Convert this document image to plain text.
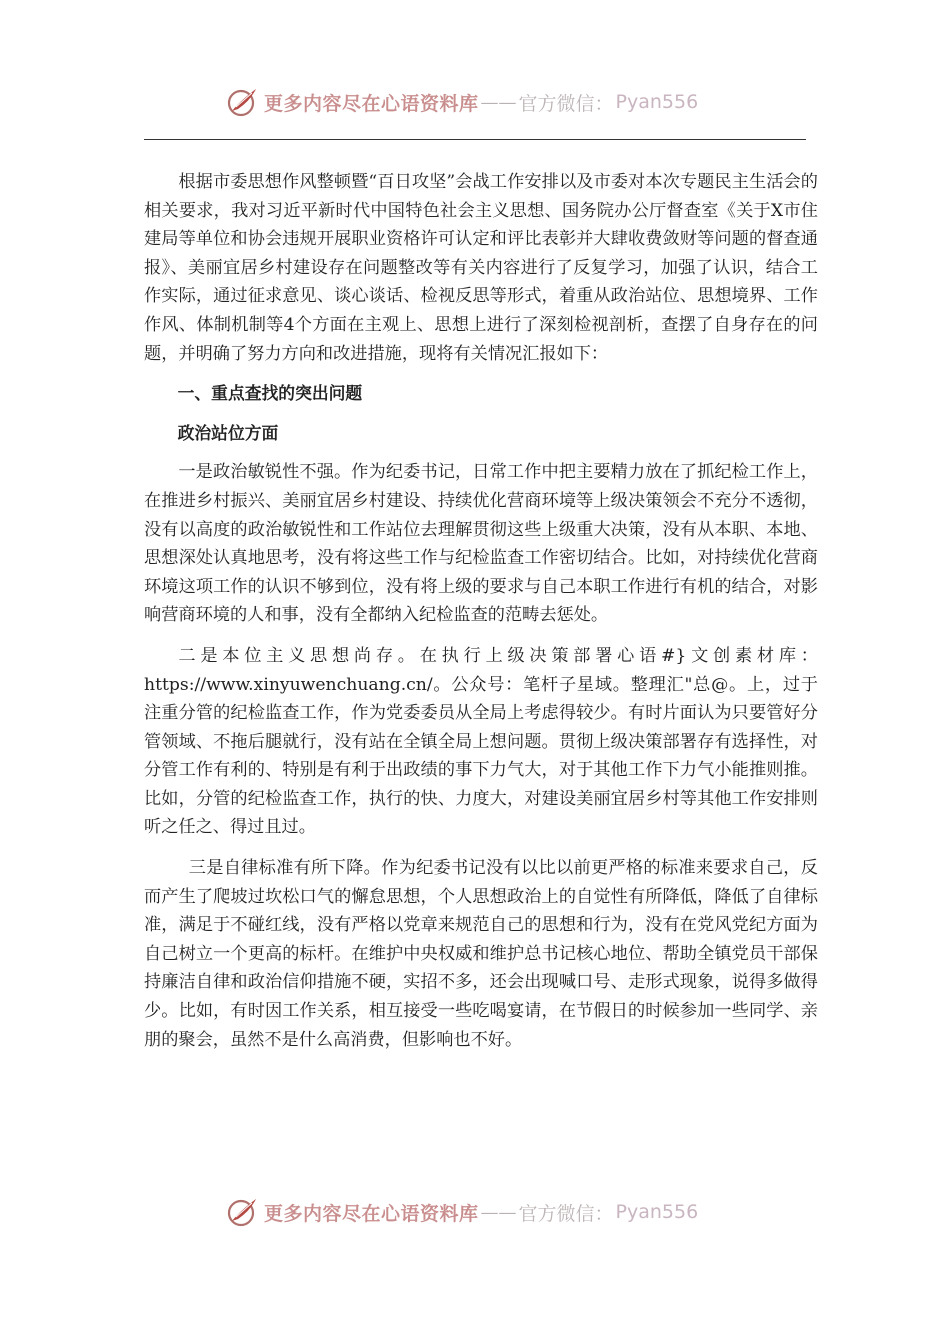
更多内容尽在心语资料库 —— 官方微信： Pyan556

根据市委思想作风整顿暨“百日攻坚”会战工作安排以及市委对本次专题民主生活会的相关要求，我对习近平新时代中国特色社会主义思想、国务院办公厅督查室《关于X市住建局等单位和协会违规开展职业资格许可认定和评比表彰并大肆收费敛财等问题的督查通报》、美丽宜居乡村建设存在问题整改等有关内容进行了反复学习，加强了认识，结合工作实际，通过征求意见、谈心谈话、检视反思等形式，着重从政治站位、思想境界、工作作风、体制机制等4个方面在主观上、思想上进行了深刻检视剖析，查摆了自身存在的问题，并明确了努力方向和改进措施，现将有关情况汇报如下：

一、重点查找的突出问题

政治站位方面

一是政治敏锐性不强。作为纪委书记，日常工作中把主要精力放在了抓纪检工作上，在推进乡村振兴、美丽宜居乡村建设、持续优化营商环境等上级决策领会不充分不透彻，没有以高度的政治敏锐性和工作站位去理解贯彻这些上级重大决策，没有从本职、本地、思想深处认真地思考，没有将这些工作与纪检监查工作密切结合。比如，对持续优化营商环境这项工作的认识不够到位，没有将上级的要求与自己本职工作进行有机的结合，对影响营商环境的人和事，没有全都纳入纪检监查的范畴去惩处。

二是本位主义思想尚存。在执行上级决策部署心语#}文创素材库：https://www.xinyuwenchuang.cn/。公众号：笔杆子星域。整理汇"总@。上，过于注重分管的纪检监查工作，作为党委委员从全局上考虑得较少。有时片面认为只要管好分管领域、不拖后腿就行，没有站在全镇全局上想问题。贯彻上级决策部署存有选择性，对分管工作有利的、特别是有利于出政绩的事下力气大，对于其他工作下力气小能推则推。比如，分管的纪检监查工作，执行的快、力度大，对建设美丽宜居乡村等其他工作安排则听之任之、得过且过。

三是自律标准有所下降。作为纪委书记没有以比以前更严格的标准来要求自己，反而产生了爬坡过坎松口气的懈怠思想，个人思想政治上的自觉性有所降低，降低了自律标准，满足于不碰红线，没有严格以党章来规范自己的思想和行为，没有在党风党纪方面为自己树立一个更高的标杆。在维护中央权威和维护总书记核心地位、帮助全镇党员干部保持廉洁自律和政治信仰措施不硬，实招不多，还会出现喊口号、走形式现象，说得多做得少。比如，有时因工作关系，相互接受一些吃喝宴请，在节假日的时候参加一些同学、亲朋的聚会，虽然不是什么高消费，但影响也不好。

更多内容尽在心语资料库 —— 官方微信： Pyan556
